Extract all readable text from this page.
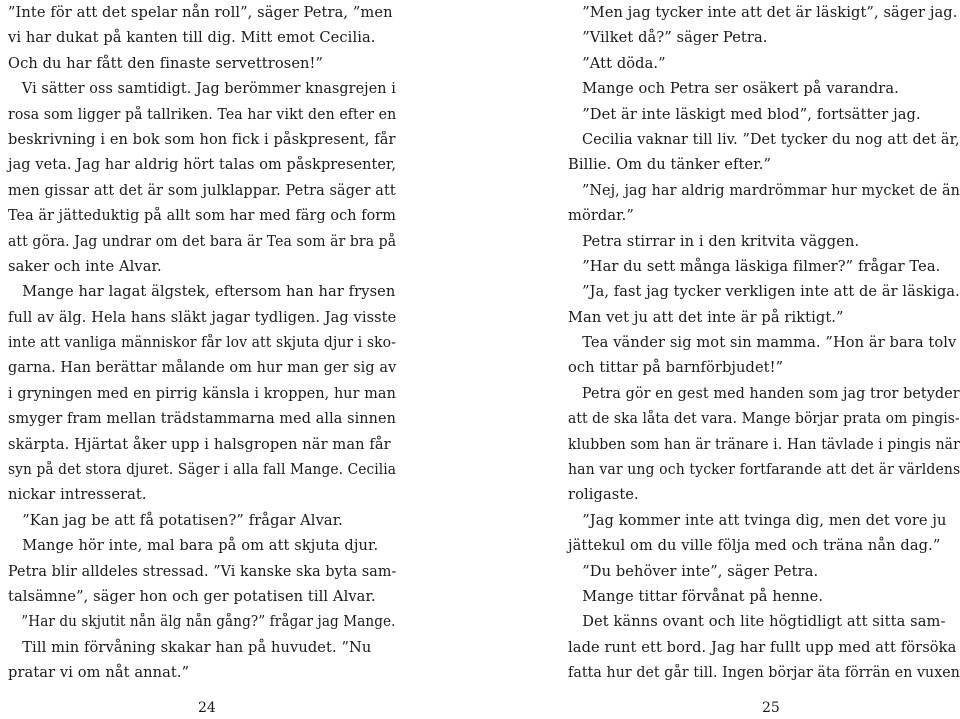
”Inte för att det spelar nån roll”, säger Petra, ”men
vi har dukat på kanten till dig. Mitt emot Cecilia.
Och du har fått den finaste servettrosen!”
Vi sätter oss samtidigt. Jag berömmer knasgrejen i
rosa som ligger på tallriken. Tea har vikt den efter en
beskrivning i en bok som hon fick i påskpresent, får
jag veta. Jag har aldrig hört talas om påskpresenter,
men gissar att det är som julklappar. Petra säger att
Tea är jätteduktig på allt som har med färg och form
att göra. Jag undrar om det bara är Tea som är bra på
saker och inte Alvar.
Mange har lagat älgstek, eftersom han har frysen
full av älg. Hela hans släkt jagar tydligen. Jag visste
inte att vanliga människor får lov att skjuta djur i sko-
garna. Han berättar målande om hur man ger sig av
i gryningen med en pirrig känsla i kroppen, hur man
smyger fram mellan trädstammarna med alla sinnen
skärpta. Hjärtat åker upp i halsgropen när man får
syn på det stora djuret. Säger i alla fall Mange. Cecilia
nickar intresserat.
”Kan jag be att få potatisen?” frågar Alvar.
Mange hör inte, mal bara på om att skjuta djur.
Petra blir alldeles stressad. ”Vi kanske ska byta sam-
talsämne”, säger hon och ger potatisen till Alvar.
”Har du skjutit nån älg nån gång?” frågar jag Mange.
Till min förvåning skakar han på huvudet. ”Nu
pratar vi om nåt annat.”
”Men jag tycker inte att det är läskigt”, säger jag.
”Vilket då?” säger Petra.
”Att döda.”
Mange och Petra ser osäkert på varandra.
”Det är inte läskigt med blod”, fortsätter jag.
Cecilia vaknar till liv. ”Det tycker du nog att det är,
Billie. Om du tänker efter.”
”Nej, jag har aldrig mardrömmar hur mycket de än
mördar.”
Petra stirrar in i den kritvita väggen.
”Har du sett många läskiga filmer?” frågar Tea.
”Ja, fast jag tycker verkligen inte att de är läskiga.
Man vet ju att det inte är på riktigt.”
Tea vänder sig mot sin mamma. ”Hon är bara tolv
och tittar på barnförbjudet!”
Petra gör en gest med handen som jag tror betyder
att de ska låta det vara. Mange börjar prata om pingis-
klubben som han är tränare i. Han tävlade i pingis när
han var ung och tycker fortfarande att det är världens
roligaste.
”Jag kommer inte att tvinga dig, men det vore ju
jättekul om du ville följa med och träna nån dag.”
”Du behöver inte”, säger Petra.
Mange tittar förvånat på henne.
Det känns ovant och lite högtidligt att sitta sam-
lade runt ett bord. Jag har fullt upp med att försöka
fatta hur det går till. Ingen börjar äta förrän en vuxen
24	25
